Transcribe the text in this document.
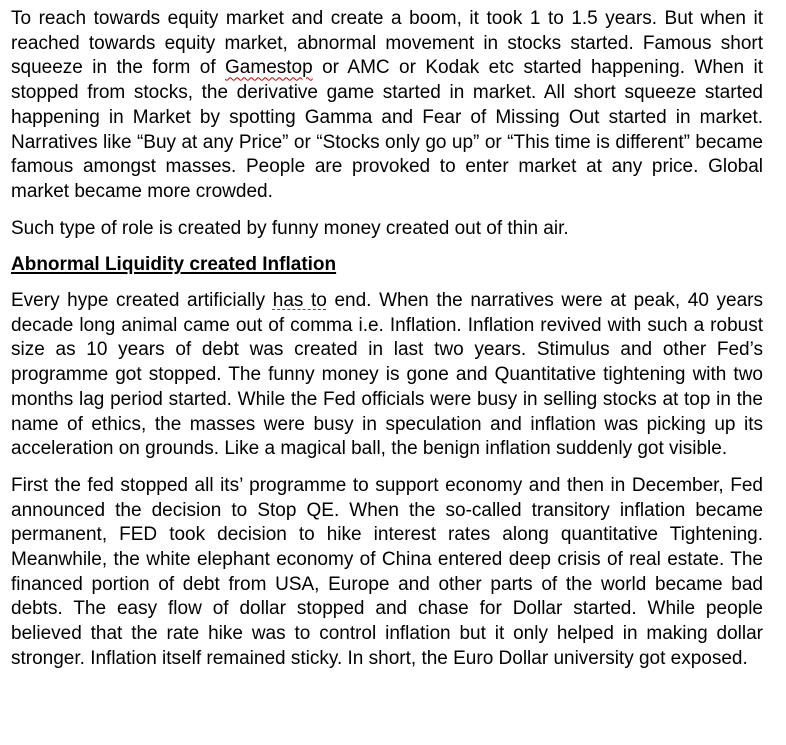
To reach towards equity market and create a boom, it took 1 to 1.5 years. But when it reached towards equity market, abnormal movement in stocks started. Famous short squeeze in the form of Gamestop or AMC or Kodak etc started happening. When it stopped from stocks, the derivative game started in market. All short squeeze started happening in Market by spotting Gamma and Fear of Missing Out started in market. Narratives like “Buy at any Price” or “Stocks only go up” or “This time is different” became famous amongst masses. People are provoked to enter market at any price. Global market became more crowded.

Such type of role is created by funny money created out of thin air.

Abnormal Liquidity created Inflation

Every hype created artificially has to end. When the narratives were at peak, 40 years decade long animal came out of comma i.e. Inflation. Inflation revived with such a robust size as 10 years of debt was created in last two years. Stimulus and other Fed’s programme got stopped. The funny money is gone and Quantitative tightening with two months lag period started. While the Fed officials were busy in selling stocks at top in the name of ethics, the masses were busy in speculation and inflation was picking up its acceleration on grounds. Like a magical ball, the benign inflation suddenly got visible.

First the fed stopped all its’ programme to support economy and then in December, Fed announced the decision to Stop QE. When the so-called transitory inflation became permanent, FED took decision to hike interest rates along quantitative Tightening. Meanwhile, the white elephant economy of China entered deep crisis of real estate. The financed portion of debt from USA, Europe and other parts of the world became bad debts. The easy flow of dollar stopped and chase for Dollar started. While people believed that the rate hike was to control inflation but it only helped in making dollar stronger. Inflation itself remained sticky. In short, the Euro Dollar university got exposed.
